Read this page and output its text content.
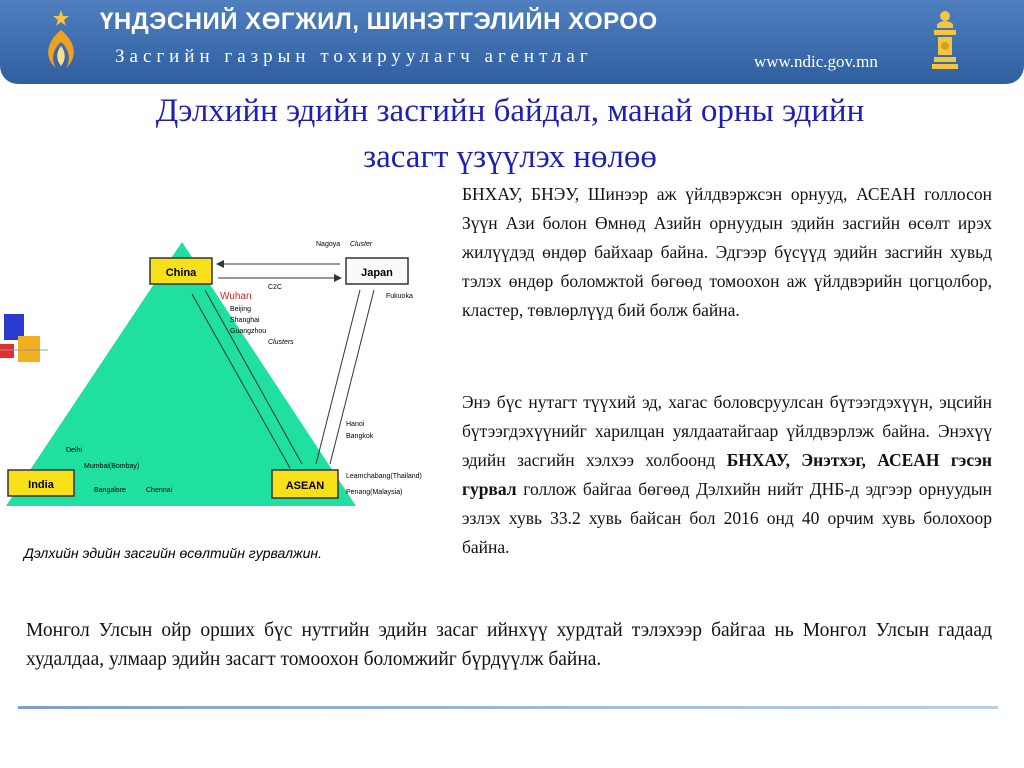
ҮНДЭСНИЙ ХӨГЖИЛ, ШИНЭТГЭЛИЙН ХОРОО
Засгийн газрын тохируулагч агентлаг	www.ndic.gov.mn
Дэлхийн эдийн засгийн байдал, манай орны эдийн
засагт үзүүлэх нөлөө
China	Japan
India	ASEAN
C2C
Wuhan
Beijing
Shanghai
Guangzhou
Clusters
Nagoya Cluster
Fukuoka
Hanoi
Bangkok
Delhi
Mumbai(Bombay)
Bangalore	Chennai
Leamchabang(Thailand)
Penang(Malaysia)
Дэлхийн эдийн засгийн өсөлтийн гурвалжин.

БНХАУ, БНЭУ, Шинээр аж үйлдвэржсэн орнууд, АСЕАН голлосон Зүүн Ази болон Өмнөд Азийн орнуудын эдийн засгийн өсөлт ирэх жилүүдэд өндөр байхаар байна. Эдгээр бүсүүд эдийн засгийн хувьд тэлэх өндөр боломжтой бөгөөд томоохон аж үйлдвэрийн цогцолбор, кластер, төвлөрлүүд бий болж байна.

Энэ бүс нутагт түүхий эд, хагас боловсруулсан бүтээгдэхүүн, эцсийн бүтээгдэхүүнийг харилцан уялдаатайгаар үйлдвэрлэж байна. Энэхүү эдийн засгийн хэлхээ холбоонд БНХАУ, Энэтхэг, АСЕАН гэсэн гурвал голлож байгаа бөгөөд Дэлхийн нийт ДНБ-д эдгээр орнуудын эзлэх хувь 33.2 хувь байсан бол 2016 онд 40 орчим хувь болохоор байна.

Монгол Улсын ойр орших бүс нутгийн эдийн засаг ийнхүү хурдтай тэлэхээр байгаа нь Монгол Улсын гадаад худалдаа, улмаар эдийн засагт томоохон боломжийг бүрдүүлж байна.
